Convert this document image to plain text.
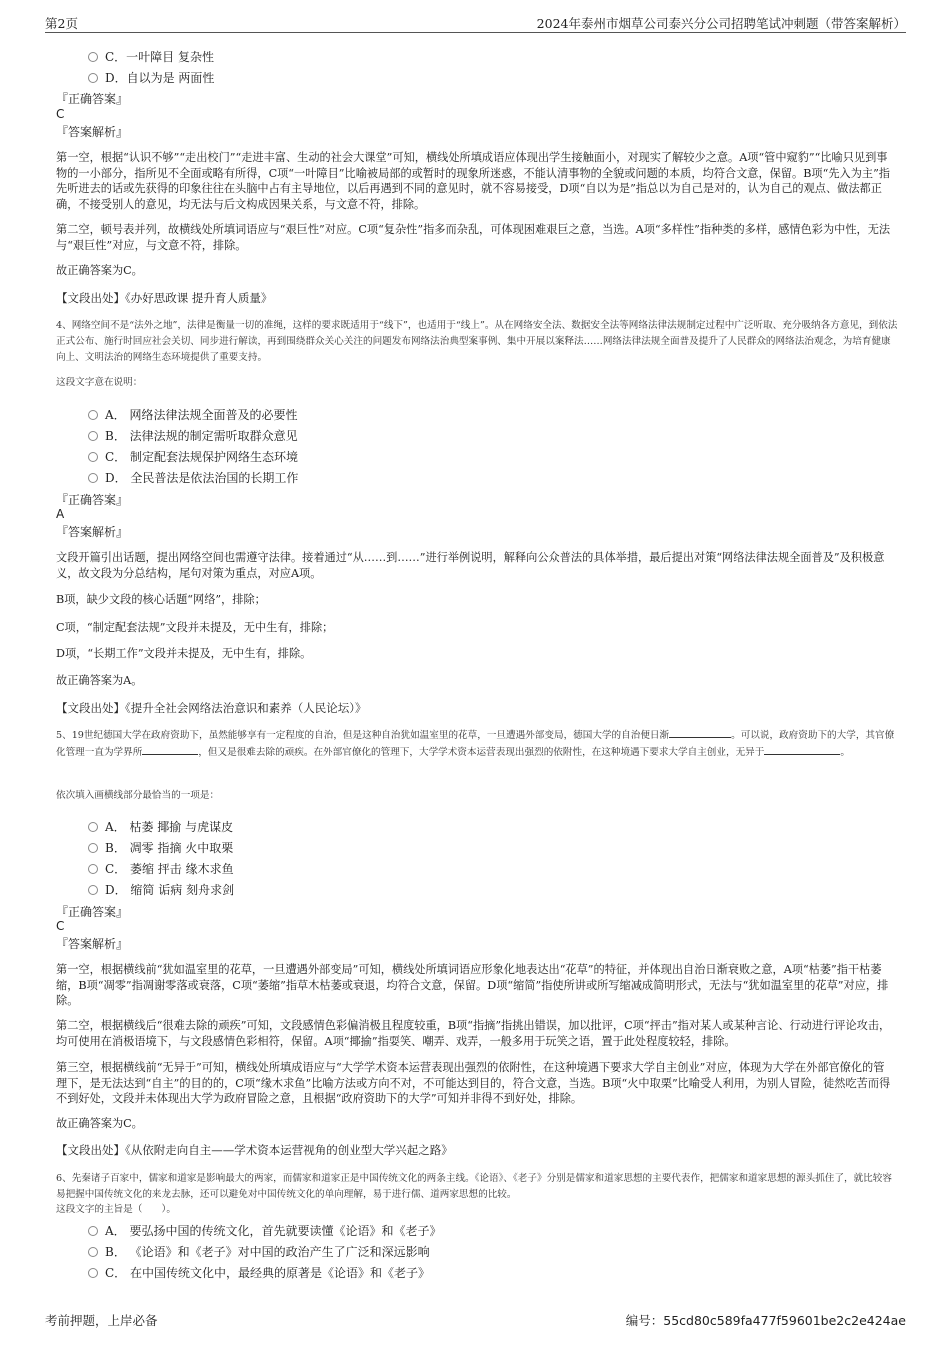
第2页	2024年泰州市烟草公司泰兴分公司招聘笔试冲刺题（带答案解析）
C．一叶障目 复杂性
D．自以为是 两面性
『正确答案』
C
『答案解析』
第一空，根据“认识不够”“走出校门”“走进丰富、生动的社会大课堂”可知，横线处所填成语应体现出学生接触面小，对现实了解较少之意。A项“管中窥豹”“比喻只见到事物的一小部分，指所见不全面或略有所得，C项“一叶障目”比喻被局部的或暂时的现象所迷惑，不能认清事物的全貌或问题的本质，均符合文意，保留。B项“先入为主”指先听进去的话或先获得的印象往往在头脑中占有主导地位，以后再遇到不同的意见时，就不容易接受，D项“自以为是”指总以为自己是对的，认为自己的观点、做法都正确，不接受别人的意见，均无法与后文构成因果关系，与文意不符，排除。
第二空，顿号表并列，故横线处所填词语应与“艰巨性”对应。C项“复杂性”指多而杂乱，可体现困难艰巨之意，当选。A项“多样性”指种类的多样，感情色彩为中性，无法与“艰巨性”对应，与文意不符，排除。
故正确答案为C。
【文段出处】《办好思政课 提升育人质量》
4、网络空间不是“法外之地”，法律是衡量一切的准绳，这样的要求既适用于“线下”，也适用于“线上”。从在网络安全法、数据安全法等网络法律法规制定过程中广泛听取、充分吸纳各方意见，到依法正式公布、施行时回应社会关切、同步进行解读，再到围绕群众关心关注的问题发布网络法治典型案事例、集中开展以案释法……网络法律法规全面普及提升了人民群众的网络法治观念，为培育健康向上、文明法治的网络生态环境提供了重要支持。
这段文字意在说明：
A． 网络法律法规全面普及的必要性
B． 法律法规的制定需听取群众意见
C． 制定配套法规保护网络生态环境
D． 全民普法是依法治国的长期工作
『正确答案』
A
『答案解析』
文段开篇引出话题，提出网络空间也需遵守法律。接着通过“从……到……”进行举例说明，解释向公众普法的具体举措，最后提出对策“网络法律法规全面普及”及积极意义，故文段为分总结构，尾句对策为重点，对应A项。
B项，缺少文段的核心话题“网络”，排除；
C项，“制定配套法规”文段并未提及，无中生有，排除；
D项，“长期工作”文段并未提及，无中生有，排除。
故正确答案为A。
【文段出处】《提升全社会网络法治意识和素养（人民论坛）》
5、19世纪德国大学在政府资助下，虽然能够享有一定程度的自治，但是这种自治犹如温室里的花草，一旦遭遇外部变局，德国大学的自治便日渐	。可以说，政府资助下的大学，其官僚化管理一直为学界所	，但又是很难去除的顽疾。在外部官僚化的管理下，大学学术资本运营表现出强烈的依附性，在这种境遇下要求大学自主创业，无异于	。
依次填入画横线部分最恰当的一项是：
A． 枯萎 揶揄 与虎谋皮
B． 凋零 指摘 火中取栗
C． 萎缩 抨击 缘木求鱼
D． 缩简 诟病 刻舟求剑
『正确答案』
C
『答案解析』
第一空，根据横线前“犹如温室里的花草，一旦遭遇外部变局”可知，横线处所填词语应形象化地表达出“花草”的特征，并体现出自治日渐衰败之意，A项“枯萎”指干枯萎缩，B项“凋零”指凋谢零落或衰落，C项“萎缩”指草木枯萎或衰退，均符合文意，保留。D项“缩简”指使所讲或所写缩减成简明形式，无法与“犹如温室里的花草”对应，排除。
第二空，根据横线后“很难去除的顽疾”可知，文段感情色彩偏消极且程度较重，B项“指摘”指挑出错误，加以批评，C项“抨击”指对某人或某种言论、行动进行评论攻击，均可使用在消极语境下，与文段感情色彩相符，保留。A项“揶揄”指耍笑、嘲弄、戏弄，一般多用于玩笑之语，置于此处程度较轻，排除。
第三空，根据横线前“无异于”可知，横线处所填成语应与“大学学术资本运营表现出强烈的依附性，在这种境遇下要求大学自主创业”对应，体现为大学在外部官僚化的管理下，是无法达到“自主”的目的的，C项“缘木求鱼”比喻方法或方向不对，不可能达到目的，符合文意，当选。B项“火中取栗”比喻受人利用，为别人冒险，徒然吃苦而得不到好处，文段并未体现出大学为政府冒险之意，且根据“政府资助下的大学”可知并非得不到好处，排除。
故正确答案为C。
【文段出处】《从依附走向自主——学术资本运营视角的创业型大学兴起之路》
6、先秦诸子百家中，儒家和道家是影响最大的两家，而儒家和道家正是中国传统文化的两条主线。《论语》、《老子》分别是儒家和道家思想的主要代表作，把儒家和道家思想的源头抓住了，就比较容易把握中国传统文化的来龙去脉，还可以避免对中国传统文化的单向理解，易于进行儒、道两家思想的比较。
这段文字的主旨是（　　）。
A． 要弘扬中国的传统文化，首先就要读懂《论语》和《老子》
B． 《论语》和《老子》对中国的政治产生了广泛和深远影响
C． 在中国传统文化中，最经典的原著是《论语》和《老子》
考前押题，上岸必备	编号：55cd80c589fa477f59601be2c2e424ae
